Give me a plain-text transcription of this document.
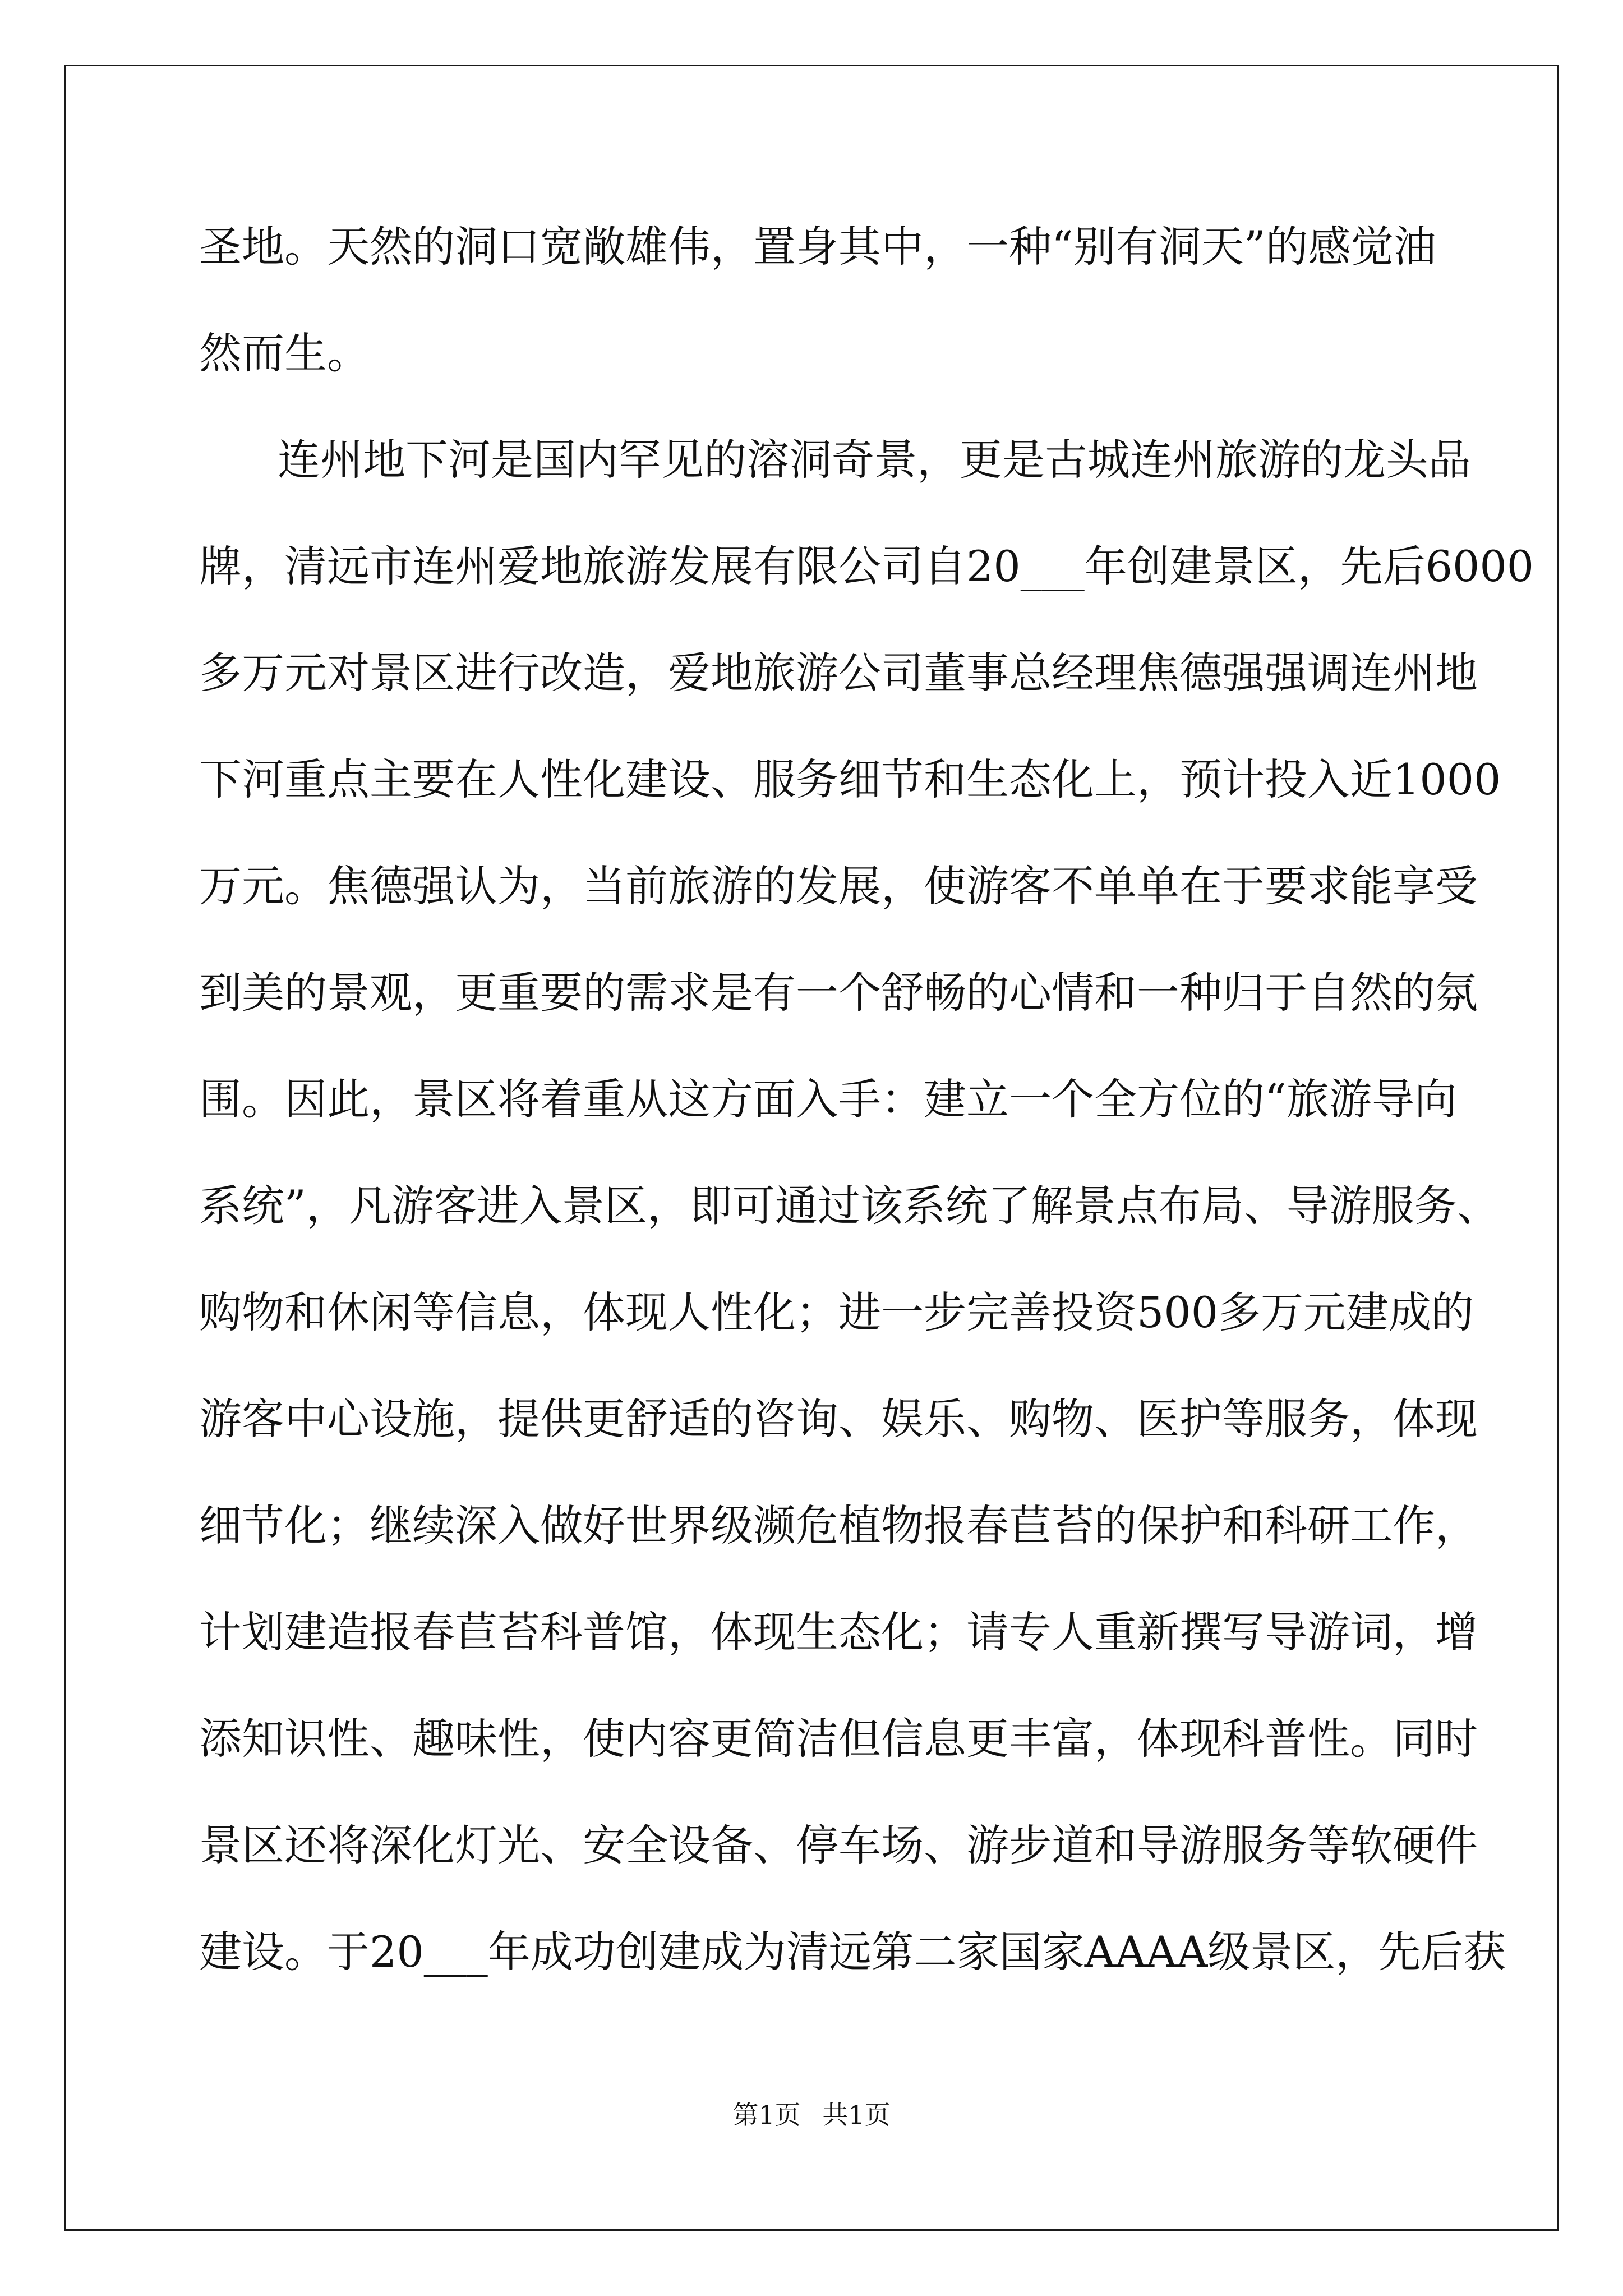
圣地。天然的洞口宽敞雄伟，置身其中，一种“别有洞天”的感觉油
然而生。
连州地下河是国内罕见的溶洞奇景，更是古城连州旅游的龙头品
牌，清远市连州爱地旅游发展有限公司自20___年创建景区，先后6000
多万元对景区进行改造，爱地旅游公司董事总经理焦德强强调连州地
下河重点主要在人性化建设、服务细节和生态化上，预计投入近1000
万元。焦德强认为，当前旅游的发展，使游客不单单在于要求能享受
到美的景观，更重要的需求是有一个舒畅的心情和一种归于自然的氛
围。因此，景区将着重从这方面入手：建立一个全方位的“旅游导向
系统”，凡游客进入景区，即可通过该系统了解景点布局、导游服务、
购物和休闲等信息，体现人性化；进一步完善投资500多万元建成的
游客中心设施，提供更舒适的咨询、娱乐、购物、医护等服务，体现
细节化；继续深入做好世界级濒危植物报春苣苔的保护和科研工作，
计划建造报春苣苔科普馆，体现生态化；请专人重新撰写导游词，增
添知识性、趣味性，使内容更简洁但信息更丰富，体现科普性。同时
景区还将深化灯光、安全设备、停车场、游步道和导游服务等软硬件
建设。于20___年成功创建成为清远第二家国家AAAA级景区，先后获
第1页 共1页
